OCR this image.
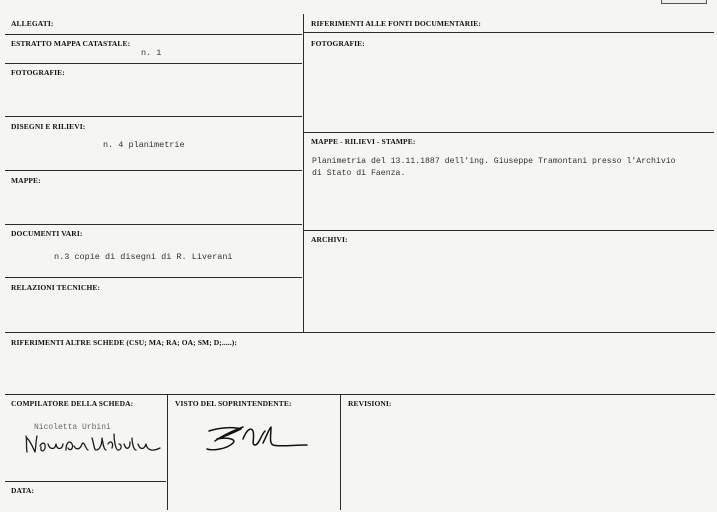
ALLEGATI:
ESTRATTO MAPPA CATASTALE:
n. 1
FOTOGRAFIE:
DISEGNI E RILIEVI:
n. 4 planimetrie
MAPPE:
DOCUMENTI VARI:
n.3 copie di disegni di R. Liverani
RELAZIONI TECNICHE:
RIFERIMENTI ALLE FONTI DOCUMENTARIE:
FOTOGRAFIE:
MAPPE - RILIEVI - STAMPE:
Planimetria del 13.11.1887 dell'ing. Giuseppe Tramontani presso l'Archivio
di Stato di Faenza.
ARCHIVI:
RIFERIMENTI ALTRE SCHEDE (CSU; MA; RA; OA; SM; D;.....):
COMPILATORE DELLA SCHEDA:
Nicoletta Urbini
DATA:
VISTO DEL SOPRINTENDENTE:	REVISIONI:
